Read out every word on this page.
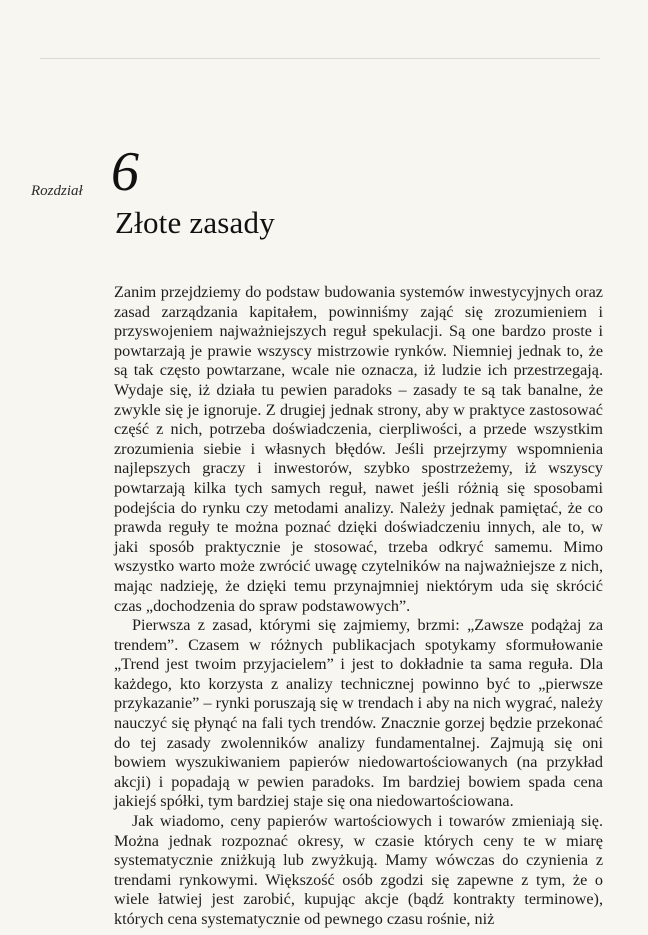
Rozdział 6
Złote zasady

Zanim przejdziemy do podstaw budowania systemów inwestycyjnych oraz zasad zarządzania kapitałem, powinniśmy zająć się zrozumieniem i przyswojeniem najważniejszych reguł spekulacji. Są one bardzo proste i powtarzają je prawie wszyscy mistrzowie rynków. Niemniej jednak to, że są tak często powtarzane, wcale nie oznacza, iż ludzie ich przestrzegają. Wydaje się, iż działa tu pewien paradoks – zasady te są tak banalne, że zwykle się je ignoruje. Z drugiej jednak strony, aby w praktyce zastosować część z nich, potrzeba doświadczenia, cierpliwości, a przede wszystkim zrozumienia siebie i własnych błędów. Jeśli przejrzymy wspomnienia najlepszych graczy i inwestorów, szybko spostrzeżemy, iż wszyscy powtarzają kilka tych samych reguł, nawet jeśli różnią się sposobami podejścia do rynku czy metodami analizy. Należy jednak pamiętać, że co prawda reguły te można poznać dzięki doświadczeniu innych, ale to, w jaki sposób praktycznie je stosować, trzeba odkryć samemu. Mimo wszystko warto może zwrócić uwagę czytelników na najważniejsze z nich, mając nadzieję, że dzięki temu przynajmniej niektórym uda się skrócić czas „dochodzenia do spraw podstawowych”.

Pierwsza z zasad, którymi się zajmiemy, brzmi: „Zawsze podążaj za trendem”. Czasem w różnych publikacjach spotykamy sformułowanie „Trend jest twoim przyjacielem” i jest to dokładnie ta sama reguła. Dla każdego, kto korzysta z analizy technicznej powinno być to „pierwsze przykazanie” – rynki poruszają się w trendach i aby na nich wygrać, należy nauczyć się płynąć na fali tych trendów. Znacznie gorzej będzie przekonać do tej zasady zwolenników analizy fundamentalnej. Zajmują się oni bowiem wyszukiwaniem papierów niedowartościowanych (na przykład akcji) i popadają w pewien paradoks. Im bardziej bowiem spada cena jakiejś spółki, tym bardziej staje się ona niedowartościowana.

Jak wiadomo, ceny papierów wartościowych i towarów zmieniają się. Można jednak rozpoznać okresy, w czasie których ceny te w miarę systematycznie zniżkują lub zwyżkują. Mamy wówczas do czynienia z trendami rynkowymi. Większość osób zgodzi się zapewne z tym, że o wiele łatwiej jest zarobić, kupując akcje (bądź kontrakty terminowe), których cena systematycznie od pewnego czasu rośnie, niż
